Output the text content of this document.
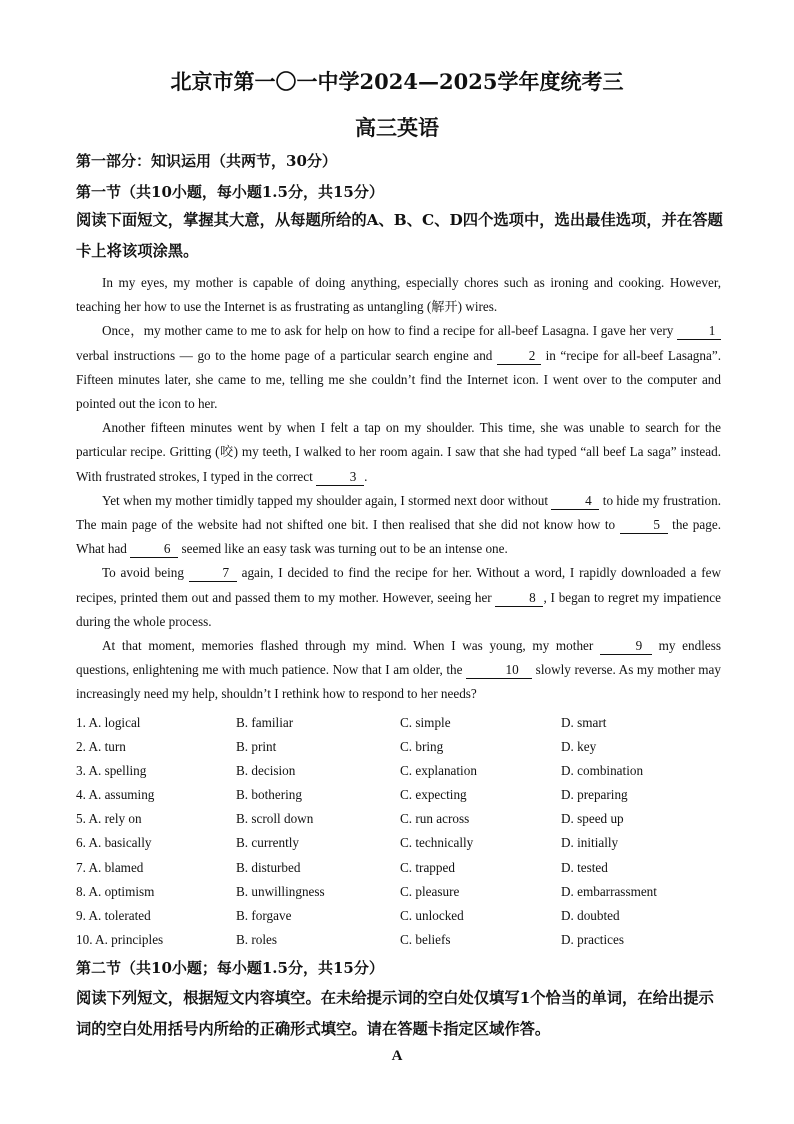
北京市第一〇一中学2024—2025学年度统考三
高三英语
第一部分：知识运用（共两节，30分）
第一节（共10小题，每小题1.5分，共15分）
阅读下面短文，掌握其大意，从每题所给的A、B、C、D四个选项中，选出最佳选项，并在答题卡上将该项涂黑。

In my eyes, my mother is capable of doing anything, especially chores such as ironing and cooking. However, teaching her how to use the Internet is as frustrating as untangling (解开) wires.

Once，my mother came to me to ask for help on how to find a recipe for all-beef Lasagna. I gave her very 1 verbal instructions — go to the home page of a particular search engine and 2 in “recipe for all-beef Lasagna”. Fifteen minutes later, she came to me, telling me she couldn’t find the Internet icon. I went over to the computer and pointed out the icon to her.

Another fifteen minutes went by when I felt a tap on my shoulder. This time, she was unable to search for the particular recipe. Gritting (咬) my teeth, I walked to her room again. I saw that she had typed “all beef La saga” instead. With frustrated strokes, I typed in the correct	3 .

Yet when my mother timidly tapped my shoulder again, I stormed next door without	4 to hide my frustration. The main page of the website had not shifted one bit. I then realised that she did not know how to	5 the page. What had	6 seemed like an easy task was turning out to be an intense one.

To avoid being	7 again, I decided to find the recipe for her. Without a word, I rapidly downloaded a few recipes, printed them out and passed them to my mother. However, seeing her	8 , I began to regret my impatience during the whole process.

At that moment, memories flashed through my mind. When I was young, my mother	9 my endless questions, enlightening me with much patience. Now that I am older, the	10 slowly reverse. As my mother may increasingly need my help, shouldn’t I rethink how to respond to her needs?

1. A. logical	B. familiar	C. simple	D. smart
2. A. turn	B. print	C. bring	D. key
3. A. spelling	B. decision	C. explanation	D. combination
4. A. assuming	B. bothering	C. expecting	D. preparing
5. A. rely on	B. scroll down	C. run across	D. speed up
6. A. basically	B. currently	C. technically	D. initially
7. A. blamed	B. disturbed	C. trapped	D. tested
8. A. optimism	B. unwillingness	C. pleasure	D. embarrassment
9. A. tolerated	B. forgave	C. unlocked	D. doubted
10. A. principles	B. roles	C. beliefs	D. practices
第二节（共10小题；每小题1.5分，共15分）
阅读下列短文，根据短文内容填空。在未给提示词的空白处仅填写1个恰当的单词，在给出提示词的空白处用括号内所给的正确形式填空。请在答题卡指定区域作答。
A
